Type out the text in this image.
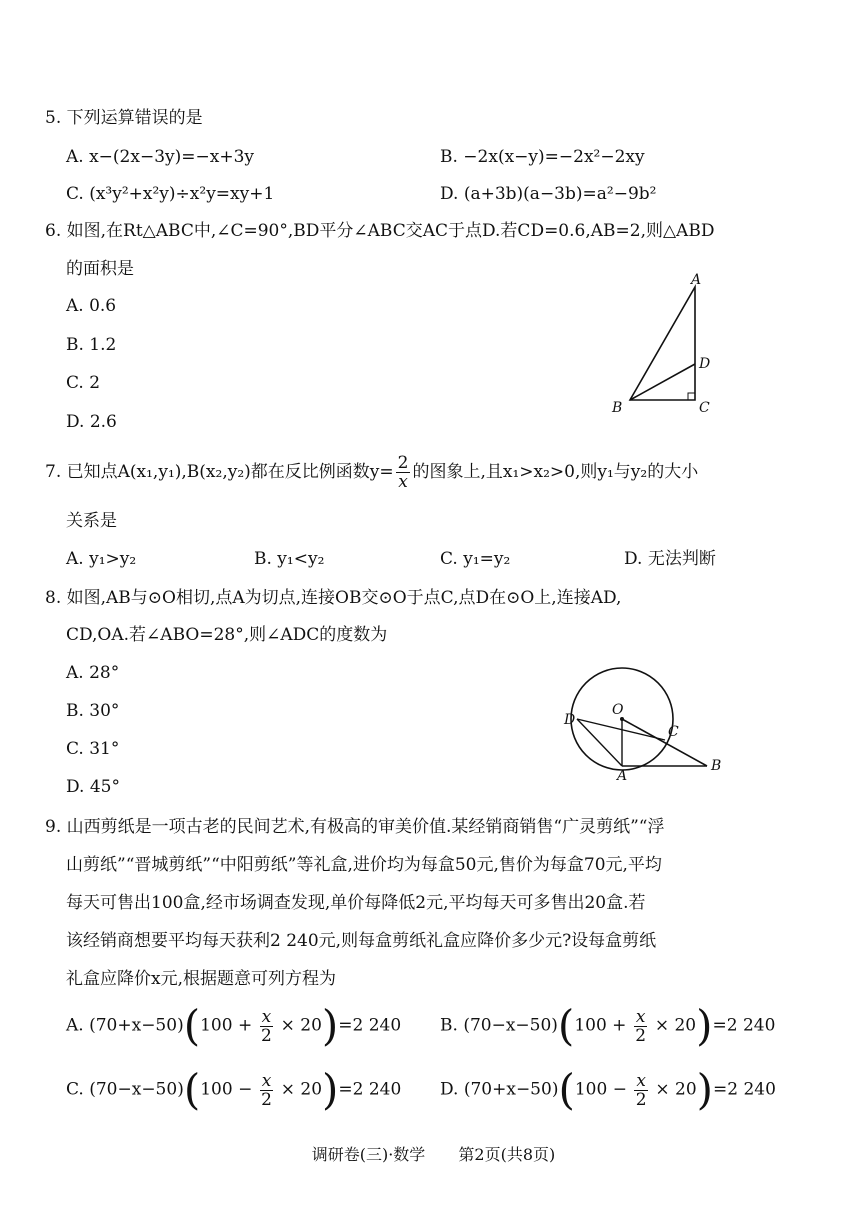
5. 下列运算错误的是
A. x−(2x−3y)=−x+3y	B. −2x(x−y)=−2x²−2xy
C. (x³y²+x²y)÷x²y=xy+1	D. (a+3b)(a−3b)=a²−9b²
6. 如图,在Rt△ABC中,∠C=90°,BD平分∠ABC交AC于点D.若CD=0.6,AB=2,则△ABD
的面积是
A. 0.6
B. 1.2
C. 2
D. 2.6
A
D
B	C
7. 已知点A(x₁,y₁),B(x₂,y₂)都在反比例函数$y= \frac{2}{x}$ 的图象上,且x₁>x₂>0,则y₁与y₂的大小
关系是
A. y₁>y₂	B. y₁<y₂	C. y₁=y₂	D. 无法判断
8. 如图,AB与⊙O相切,点A为切点,连接OB交⊙O于点C,点D在⊙O上,连接AD,
CD,OA.若∠ABO=28°,则∠ADC的度数为
A. 28°
B. 30°
C. 31°
D. 45°
O
D
C
A
B
9. 山西剪纸是一项古老的民间艺术,有极高的审美价值.某经销商销售“广灵剪纸”“浮
山剪纸”“晋城剪纸”“中阳剪纸”等礼盒,进价均为每盒50元,售价为每盒70元,平均
每天可售出100盒,经市场调查发现,单价每降低2元,平均每天可多售出20盒.若
该经销商想要平均每天获利2 240元,则每盒剪纸礼盒应降价多少元?设每盒剪纸
礼盒应降价x元,根据题意可列方程为
A. $(70+x-50)(100 + \frac{x}{2} \times 20)=2$ 240 B. $(70-x-50)(100 + \frac{x}{2} \times 20)=2$ 240
C. $(70-x-50)(100 - \frac{x}{2} \times 20)=2$ 240 D. $(70+x-50)(100 - \frac{x}{2} \times 20)=2$ 240
调研卷(三)·数学 第2页(共8页)
